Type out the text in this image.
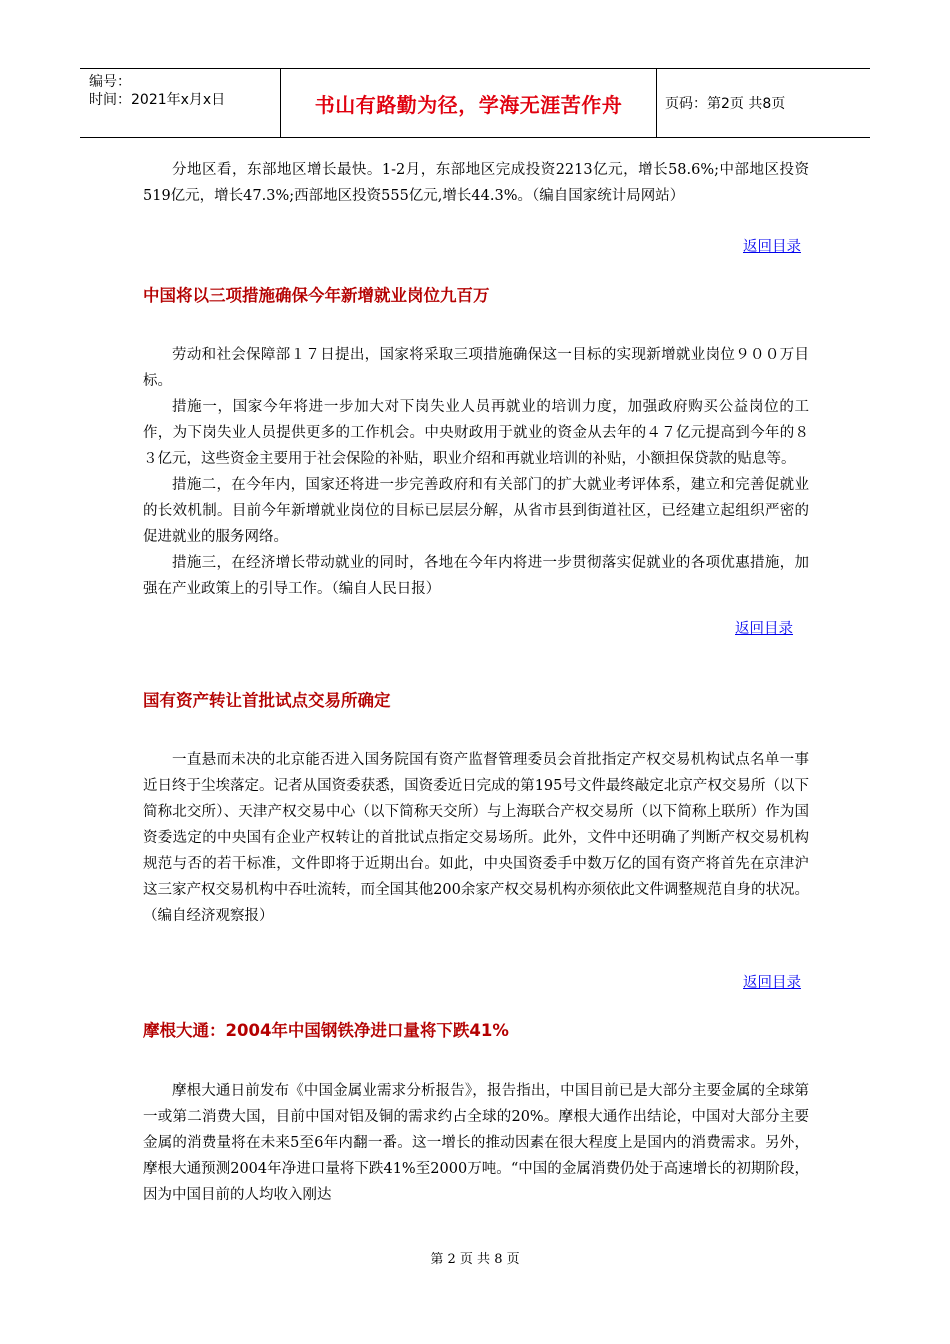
编号：
时间：2021年x月x日	书山有路勤为径，学海无涯苦作舟	页码：第2页 共8页
分地区看，东部地区增长最快。1-2月，东部地区完成投资2213亿元，增长58.6%;中部地区投资519亿元，增长47.3%;西部地区投资555亿元,增长44.3%。（编自国家统计局网站）
返回目录
中国将以三项措施确保今年新增就业岗位九百万
劳动和社会保障部１７日提出，国家将采取三项措施确保这一目标的实现新增就业岗位９００万目标。
措施一，国家今年将进一步加大对下岗失业人员再就业的培训力度，加强政府购买公益岗位的工作，为下岗失业人员提供更多的工作机会。中央财政用于就业的资金从去年的４７亿元提高到今年的８３亿元，这些资金主要用于社会保险的补贴，职业介绍和再就业培训的补贴，小额担保贷款的贴息等。
措施二，在今年内，国家还将进一步完善政府和有关部门的扩大就业考评体系，建立和完善促就业的长效机制。目前今年新增就业岗位的目标已层层分解，从省市县到街道社区，已经建立起组织严密的促进就业的服务网络。
措施三，在经济增长带动就业的同时，各地在今年内将进一步贯彻落实促就业的各项优惠措施，加强在产业政策上的引导工作。（编自人民日报）
返回目录
国有资产转让首批试点交易所确定
一直悬而未决的北京能否进入国务院国有资产监督管理委员会首批指定产权交易机构试点名单一事近日终于尘埃落定。记者从国资委获悉，国资委近日完成的第195号文件最终敲定北京产权交易所（以下简称北交所）、天津产权交易中心（以下简称天交所）与上海联合产权交易所（以下简称上联所）作为国资委选定的中央国有企业产权转让的首批试点指定交易场所。此外，文件中还明确了判断产权交易机构规范与否的若干标准，文件即将于近期出台。如此，中央国资委手中数万亿的国有资产将首先在京津沪这三家产权交易机构中吞吐流转，而全国其他200余家产权交易机构亦须依此文件调整规范自身的状况。（编自经济观察报）
返回目录
摩根大通：2004年中国钢铁净进口量将下跌41%
摩根大通日前发布《中国金属业需求分析报告》，报告指出，中国目前已是大部分主要金属的全球第一或第二消费大国，目前中国对铝及铜的需求约占全球的20%。摩根大通作出结论，中国对大部分主要金属的消费量将在未来5至6年内翻一番。这一增长的推动因素在很大程度上是国内的消费需求。另外，摩根大通预测2004年净进口量将下跌41%至2000万吨。“中国的金属消费仍处于高速增长的初期阶段，因为中国目前的人均收入刚达
第 2 页 共 8 页
